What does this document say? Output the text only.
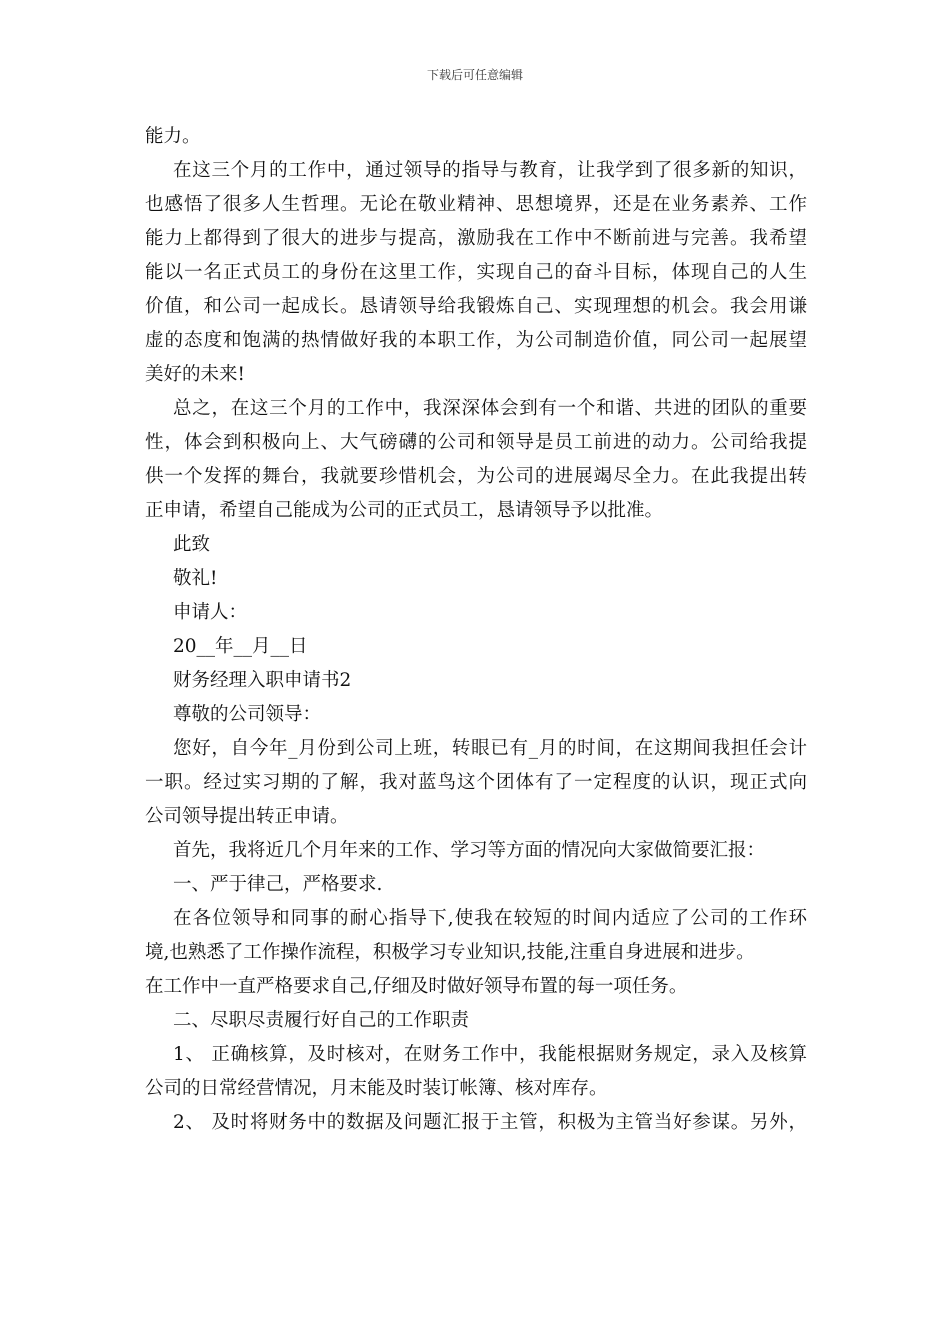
下载后可任意编辑
能力。
在这三个月的工作中，通过领导的指导与教育，让我学到了很多新的知识，
也感悟了很多人生哲理。无论在敬业精神、思想境界，还是在业务素养、工作
能力上都得到了很大的进步与提高，激励我在工作中不断前进与完善。我希望
能以一名正式员工的身份在这里工作，实现自己的奋斗目标，体现自己的人生
价值，和公司一起成长。恳请领导给我锻炼自己、实现理想的机会。我会用谦
虚的态度和饱满的热情做好我的本职工作，为公司制造价值，同公司一起展望
美好的未来!
总之，在这三个月的工作中，我深深体会到有一个和谐、共进的团队的重要
性，体会到积极向上、大气磅礴的公司和领导是员工前进的动力。公司给我提
供一个发挥的舞台，我就要珍惜机会，为公司的进展竭尽全力。在此我提出转
正申请，希望自己能成为公司的正式员工，恳请领导予以批准。
此致
敬礼!
申请人：
20__年__月__日
财务经理入职申请书2
尊敬的公司领导：
您好，自今年_月份到公司上班，转眼已有_月的时间，在这期间我担任会计
一职。经过实习期的了解，我对蓝鸟这个团体有了一定程度的认识，现正式向
公司领导提出转正申请。
首先，我将近几个月年来的工作、学习等方面的情况向大家做简要汇报：
一、严于律己，严格要求.
在各位领导和同事的耐心指导下,使我在较短的时间内适应了公司的工作环
境,也熟悉了工作操作流程，积极学习专业知识,技能,注重自身进展和进步。
在工作中一直严格要求自己,仔细及时做好领导布置的每一项任务。
二、尽职尽责履行好自己的工作职责
1、 正确核算，及时核对，在财务工作中，我能根据财务规定，录入及核算
公司的日常经营情况，月末能及时装订帐簿、核对库存。
2、 及时将财务中的数据及问题汇报于主管，积极为主管当好参谋。另外，
